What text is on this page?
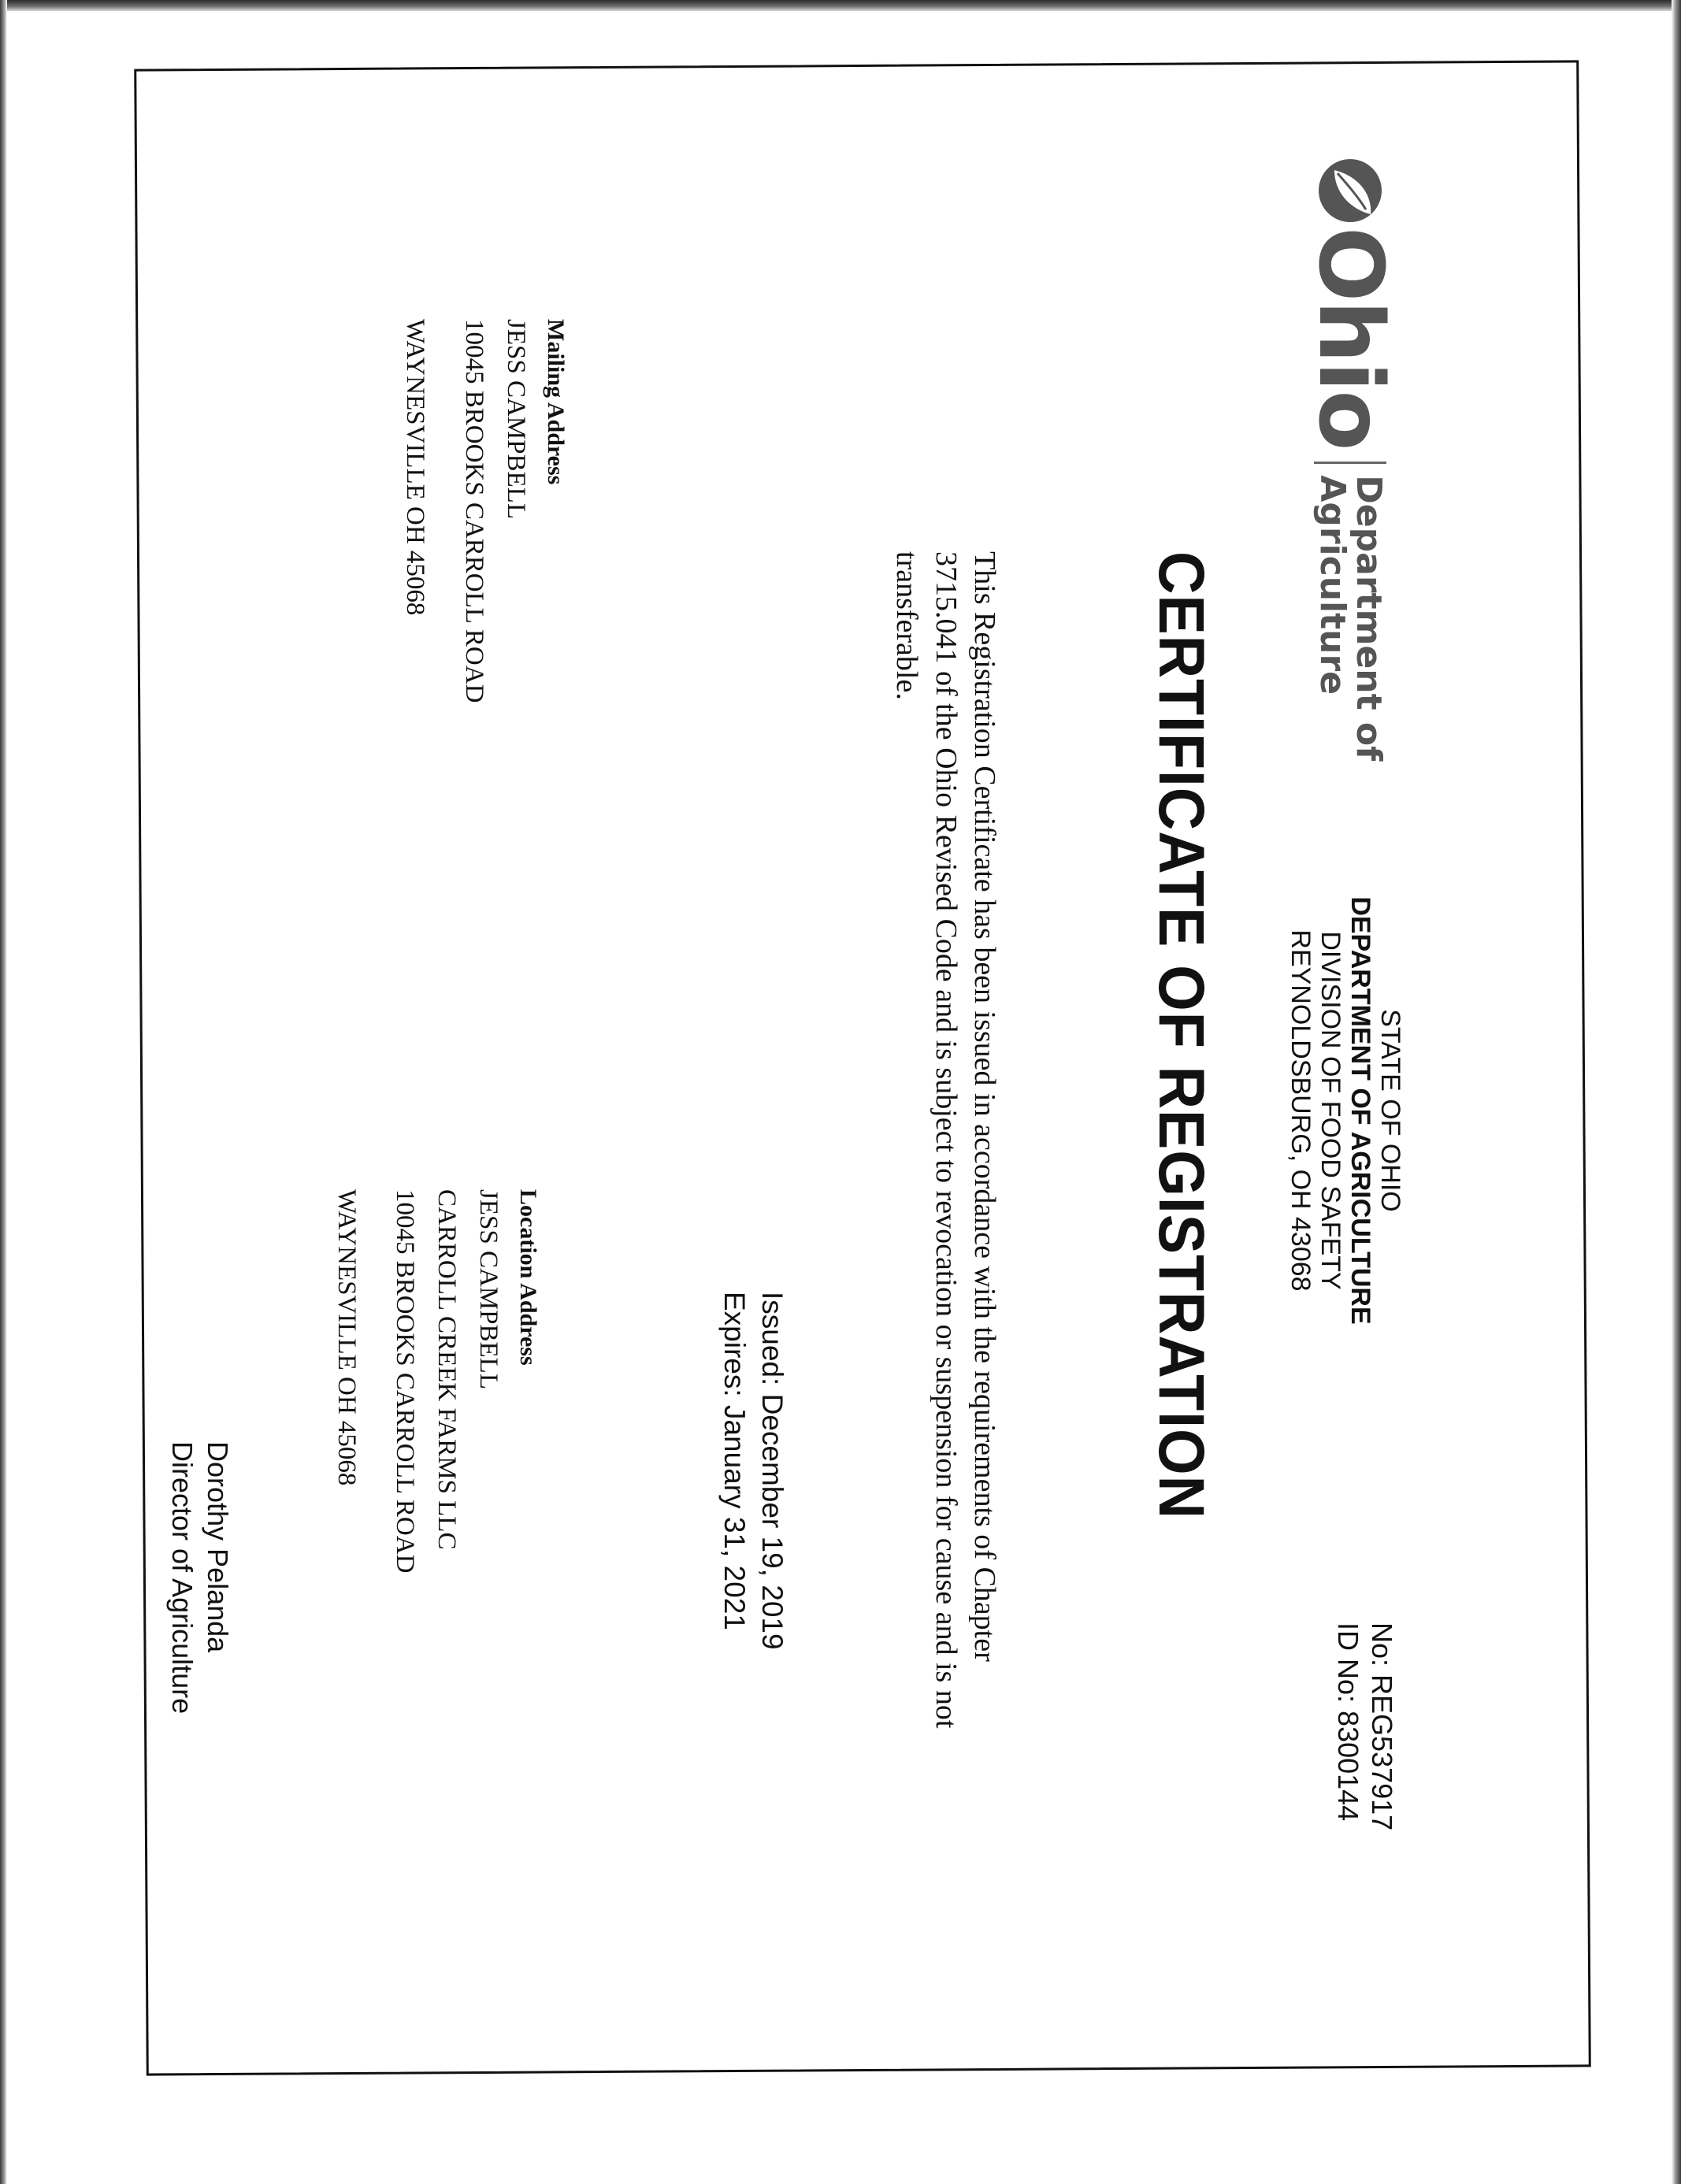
Ohio
Department of
Agriculture
STATE OF OHIO
DEPARTMENT OF AGRICULTURE
DIVISION OF FOOD SAFETY
REYNOLDSBURG, OH 43068
No: REG537917
ID No: 8300144
CERTIFICATE OF REGISTRATION
This Registration Certificate has been issued in accordance with the requirements of Chapter 3715.041 of the Ohio Revised Code and is subject to revocation or suspension for cause and is not transferable.
Issued: December 19, 2019
Expires: January 31, 2021
Mailing Address
JESS CAMPBELL
10045 BROOKS CARROLL ROAD
WAYNESVILLE OH 45068
Location Address
JESS CAMPBELL
CARROLL CREEK FARMS LLC
10045 BROOKS CARROLL ROAD
WAYNESVILLE OH 45068
Dorothy Pelanda
Director of Agriculture
